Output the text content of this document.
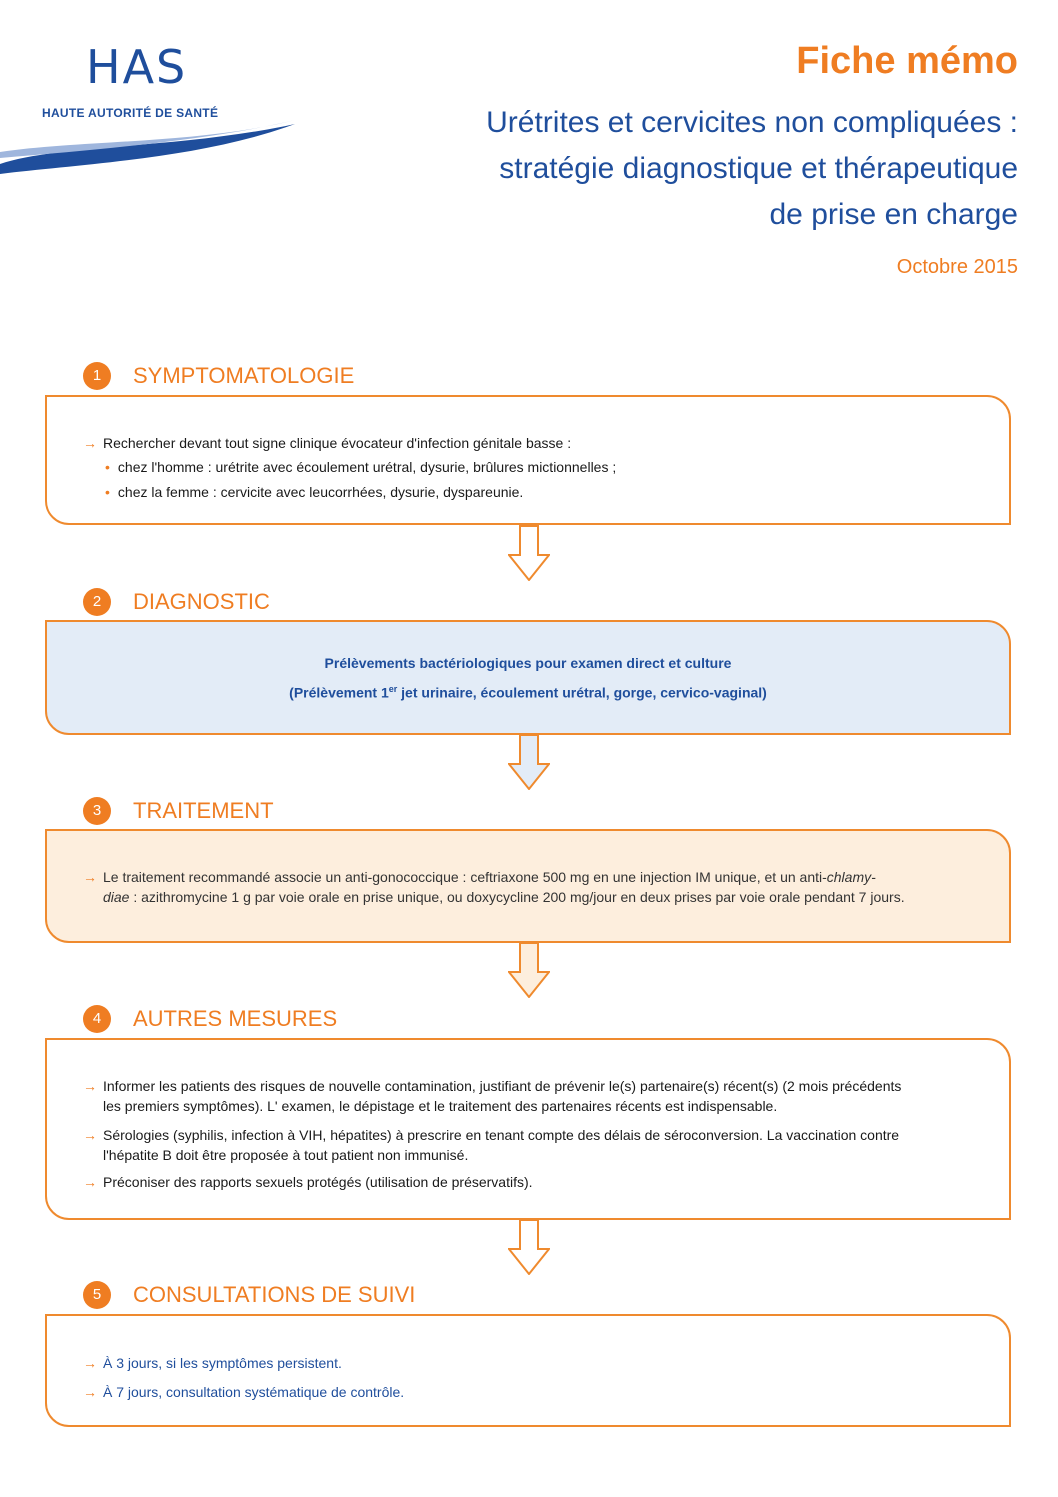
HAS
HAUTE AUTORITÉ DE SANTÉ
Fiche mémo
Urétrites et cervicites non compliquées :
stratégie diagnostique et thérapeutique
de prise en charge
Octobre 2015
1	SYMPTOMATOLOGIE
→ Rechercher devant tout signe clinique évocateur d'infection génitale basse :
• chez l'homme : urétrite avec écoulement urétral, dysurie, brûlures mictionnelles ;
• chez la femme : cervicite avec leucorrhées, dysurie, dyspareunie.
2	DIAGNOSTIC
Prélèvements bactériologiques pour examen direct et culture
(Prélèvement 1er jet urinaire, écoulement urétral, gorge, cervico-vaginal)
3	TRAITEMENT
→ Le traitement recommandé associe un anti-gonococcique : ceftriaxone 500 mg en une injection IM unique, et un anti-chlamy-
diae : azithromycine 1 g par voie orale en prise unique, ou doxycycline 200 mg/jour en deux prises par voie orale pendant 7 jours.
4	AUTRES MESURES
→ Informer les patients des risques de nouvelle contamination, justifiant de prévenir le(s) partenaire(s) récent(s) (2 mois précédents
les premiers symptômes). L' examen, le dépistage et le traitement des partenaires récents est indispensable.
→ Sérologies (syphilis, infection à VIH, hépatites) à prescrire en tenant compte des délais de séroconversion. La vaccination contre
l'hépatite B doit être proposée à tout patient non immunisé.
→ Préconiser des rapports sexuels protégés (utilisation de préservatifs).
5	CONSULTATIONS DE SUIVI
→ À 3 jours, si les symptômes persistent.
→ À 7 jours, consultation systématique de contrôle.
